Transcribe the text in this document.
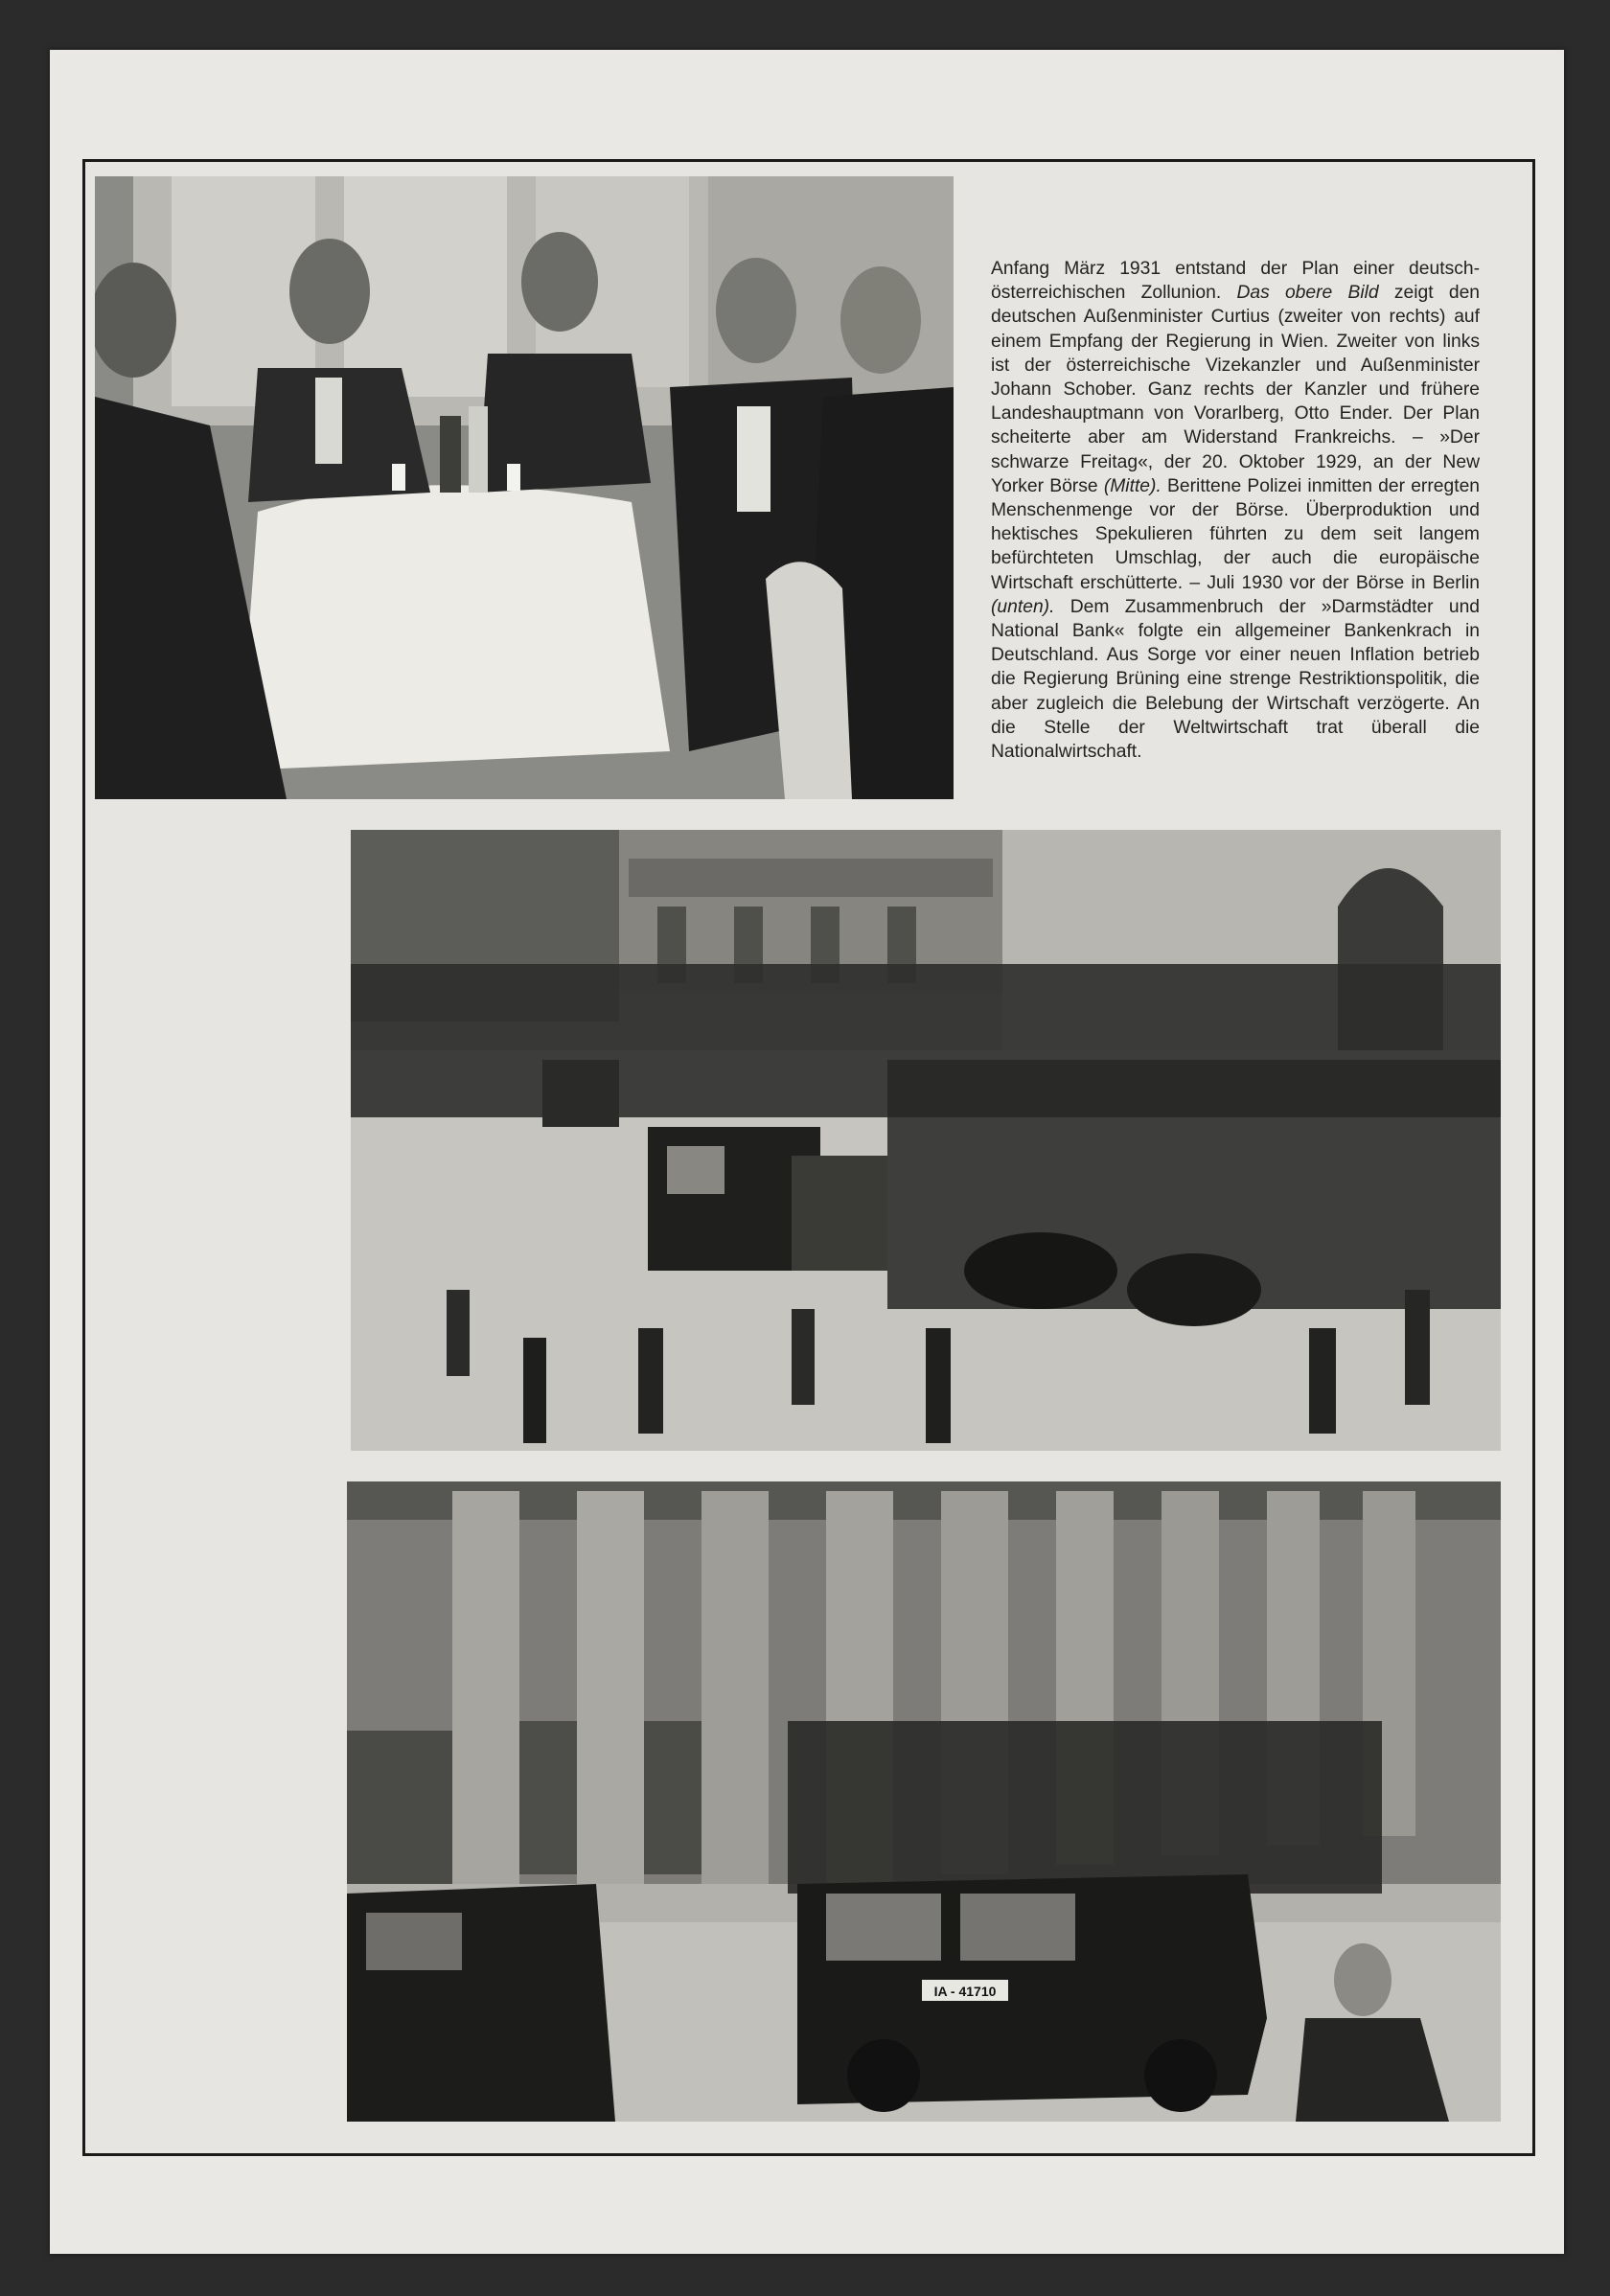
Anfang März 1931 entstand der Plan einer deutsch-österreichischen Zollunion. Das obere Bild zeigt den deutschen Außenminister Curtius (zweiter von rechts) auf einem Empfang der Regierung in Wien. Zweiter von links ist der österreichische Vizekanzler und Außenminister Johann Schober. Ganz rechts der Kanzler und frühere Landeshauptmann von Vorarlberg, Otto Ender. Der Plan scheiterte aber am Widerstand Frankreichs. – »Der schwarze Freitag«, der 20. Oktober 1929, an der New Yorker Börse (Mitte). Berittene Polizei inmitten der erregten Menschenmenge vor der Börse. Überproduktion und hektisches Spekulieren führten zu dem seit langem befürchteten Umschlag, der auch die europäische Wirtschaft erschütterte. – Juli 1930 vor der Börse in Berlin (unten). Dem Zusammenbruch der »Darmstädter und National Bank« folgte ein allgemeiner Bankenkrach in Deutschland. Aus Sorge vor einer neuen Inflation betrieb die Regierung Brüning eine strenge Restriktionspolitik, die aber zugleich die Belebung der Wirtschaft verzögerte. An die Stelle der Weltwirtschaft trat überall die Nationalwirtschaft.
IA - 41710
